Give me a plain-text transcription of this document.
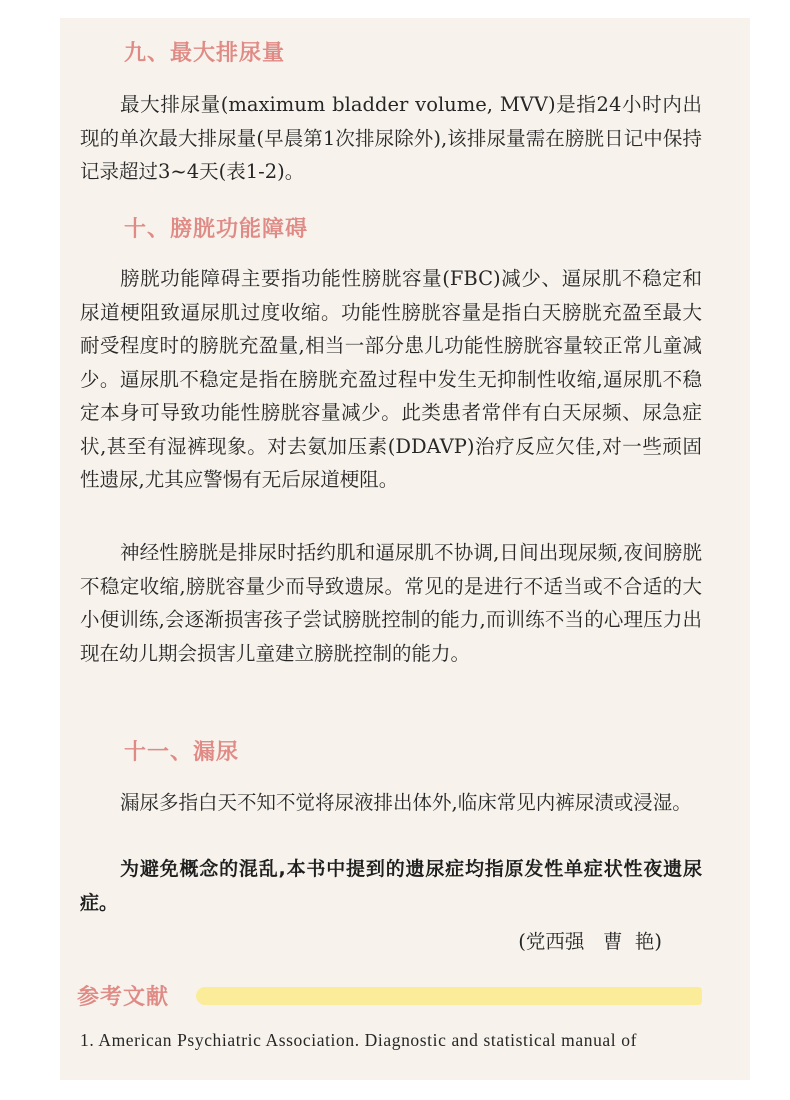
九、最大排尿量
最大排尿量(maximum bladder volume, MVV)是指24小时内出现的单次最大排尿量(早晨第1次排尿除外),该排尿量需在膀胱日记中保持记录超过3~4天(表1-2)。
十、膀胱功能障碍
膀胱功能障碍主要指功能性膀胱容量(FBC)减少、逼尿肌不稳定和尿道梗阻致逼尿肌过度收缩。功能性膀胱容量是指白天膀胱充盈至最大耐受程度时的膀胱充盈量,相当一部分患儿功能性膀胱容量较正常儿童减少。逼尿肌不稳定是指在膀胱充盈过程中发生无抑制性收缩,逼尿肌不稳定本身可导致功能性膀胱容量减少。此类患者常伴有白天尿频、尿急症状,甚至有湿裤现象。对去氨加压素(DDAVP)治疗反应欠佳,对一些顽固性遗尿,尤其应警惕有无后尿道梗阻。
神经性膀胱是排尿时括约肌和逼尿肌不协调,日间出现尿频,夜间膀胱不稳定收缩,膀胱容量少而导致遗尿。常见的是进行不适当或不合适的大小便训练,会逐渐损害孩子尝试膀胱控制的能力,而训练不当的心理压力出现在幼儿期会损害儿童建立膀胱控制的能力。
十一、漏尿
漏尿多指白天不知不觉将尿液排出体外,临床常见内裤尿渍或浸湿。
为避免概念的混乱,本书中提到的遗尿症均指原发性单症状性夜遗尿症。
(党西强   曹  艳)
参考文献
1. American Psychiatric Association. Diagnostic and statistical manual of
